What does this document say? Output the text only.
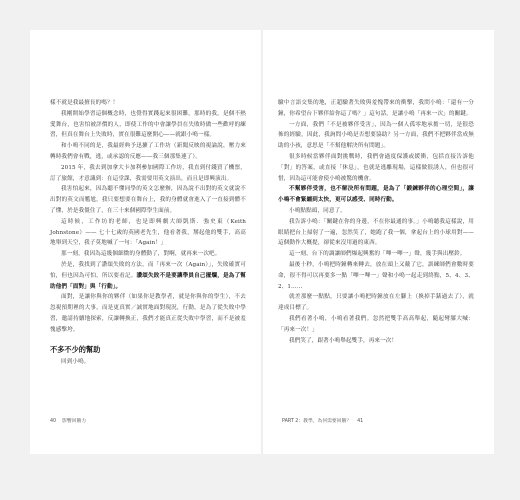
樣不就是我最擅長的嗎？！

我剛開始學習這個概念時，也覺得實踐起來很困難。那時的我，是個不熱愛舞台，也害怕被評價的人，即使工作的中會讓學員在失敗時做一些歡呼的練習，但真在舞台上失敗時，實在很難這麼開心——就跟小鳴一樣。

和小鳴不同的是，我最經典予迅擴了工作坊（新聞反映的視論說，壓力來轉時我們會有戰，逃，或承認的反應——我三個那集連了）。

2015 年，我去到加拿大卡加利參加國際工作坊，我直到付錢買了機票，訂了旅館，才意識到：在這堂課，我需要用英文演出，而且是即興演出。

我害怕起來，因為聽不懂同學的英文怎麼辦，因為說不出對的英文就說不出對的英文而尷尬，我只要想要在舞台上，我的身體就會進入了一直接到體不了懂，於是我僵住了，在三十來個國際學生面前。

這時候，工作坊的老師，也是即興劇大師凱斯．強史東（Keith Johnstone）—— 七十七歲的英國老先生，他看著我，掰起他的雙手，高高地舉到天空，我子莫地喊了一句：「Again！」

那一刻，我因為這幾個細微的身體動了，對啊，就再來一次吧。

於是，我找到了讚頌失敗的方法，而「再來一次（Again）」，失敗確實可怕，但也因為可怕，所以要看記。讚頌失敗不是要讓學員自己擺爛，是為了幫助他們「面對」與「行動」。

面對，是讓你與你的夥伴（如果你是教學者，就是你與你的學生），不去忽視預期裡的大事，而是更真實／誠實地面對現況，行動，是為了從失敗中學習，邀請持續地探索，反讓轉換正，我們才能真正從失敗中學習，而不是被羞愧感擊垮。

不多不少的幫助

回到小鳴。

驗中言語交集的地，正超驗著失敗與羞愧帶來的衝擊，我問小鳴：「還有一分鐘，你希望台下夥伴給你這了嗎？」這句話，是讓小鳴「再來一次」的關鍵。

一方面，我們「不是被夥伴受害」，因為一個人孤零地承擔一切，是很恐佈的經驗，因此，我詢問小鳴是否想要協助？另一方面，我們不把夥伴當成無助的小孩，意思是「不幫他解決所有問題」。

很多時候當夥伴面對挑戰時，我們會過度保護或緩衝，包括直接告訴他「對」的答案，或直接「休息」，也就是逃離現場，這樣做很誘人，但也很可惜，因為這可能會使小鳴被驚的機會。

不幫夥伴受害，也不解決所有問題，是為了「鍛鍊夥伴的心理空間」，讓小鳴不會緊繃到太快，更可以感受、同時行動。

小鳴點點頭，同意了。

我告訴小鳴：「關鍵在你的身邊，不在你最通的事。」小鳴聽我這樣說，用眼睛把台上掃射了一遍，忽然笑了，她跑了我一個，拿起台上的小球用對——這個動作大概提，卻從來沒用過的東西。

這一刻，台下的調讓師們爆起興奮的「嗶一嗶一」聲，幾手與出壓鈴。

最後十秒，小鳴把時鐘轉來轉去，放在頭上又戴了它，訓練師們會數時要命，很不得可以再要多一點「嗶一嗶一」聲和小鳴一起走到終點，5、4、3、2、1……

就差那麼一點點，只要讓小鳴把時鐘放在左腳上（換掉手錶過去了），就達成目標了。

我們看著小鳴，小鳴看著我們。忽然把雙手高高舉起，隨起彎膝大喊：「再來一次！」

我們笑了，跟著小鳴舉起雙手，再來一次！

40 影響回饋力	PART 2：教學，為何需要回饋？ 41
